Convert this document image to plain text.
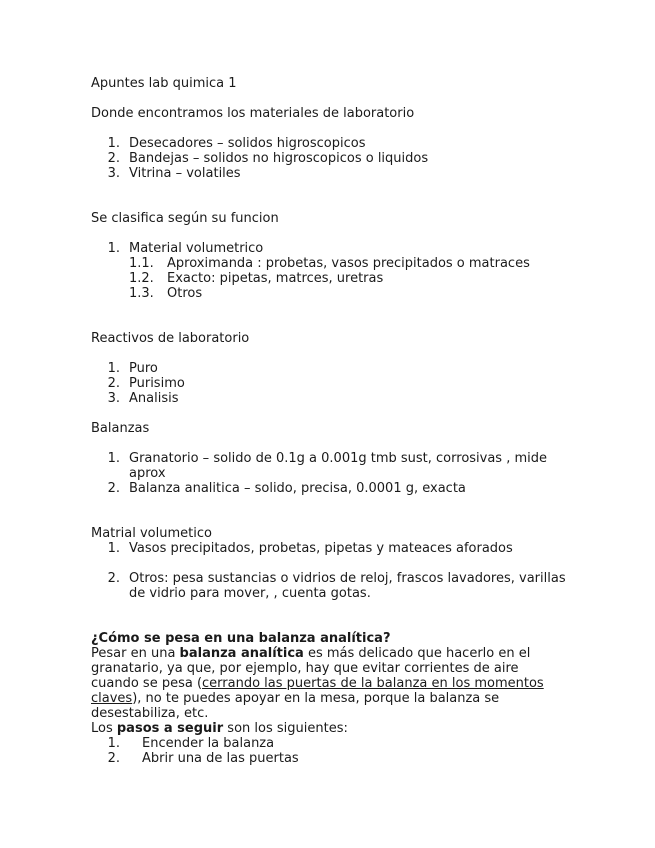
Apuntes lab quimica 1
Donde encontramos los materiales de laboratorio
1. Desecadores – solidos higroscopicos
2. Bandejas – solidos no higroscopicos o liquidos
3. Vitrina – volatiles
Se clasifica según su funcion
1. Material volumetrico
1.1. Aproximanda : probetas, vasos precipitados o matraces
1.2. Exacto: pipetas, matrces, uretras
1.3. Otros
Reactivos de laboratorio
1. Puro
2. Purisimo
3. Analisis
Balanzas
1. Granatorio – solido de 0.1g a 0.001g tmb sust, corrosivas , mide aprox
2. Balanza analitica – solido, precisa, 0.0001 g, exacta
Matrial volumetico
1. Vasos precipitados, probetas, pipetas y mateaces aforados
2. Otros: pesa sustancias o vidrios de reloj, frascos lavadores, varillas de vidrio para mover, , cuenta gotas.
¿Cómo se pesa en una balanza analítica?
Pesar en una balanza analítica es más delicado que hacerlo en el granatario, ya que, por ejemplo, hay que evitar corrientes de aire cuando se pesa (cerrando las puertas de la balanza en los momentos claves), no te puedes apoyar en la mesa, porque la balanza se desestabiliza, etc.
Los pasos a seguir son los siguientes:
1. Encender la balanza
2. Abrir una de las puertas
